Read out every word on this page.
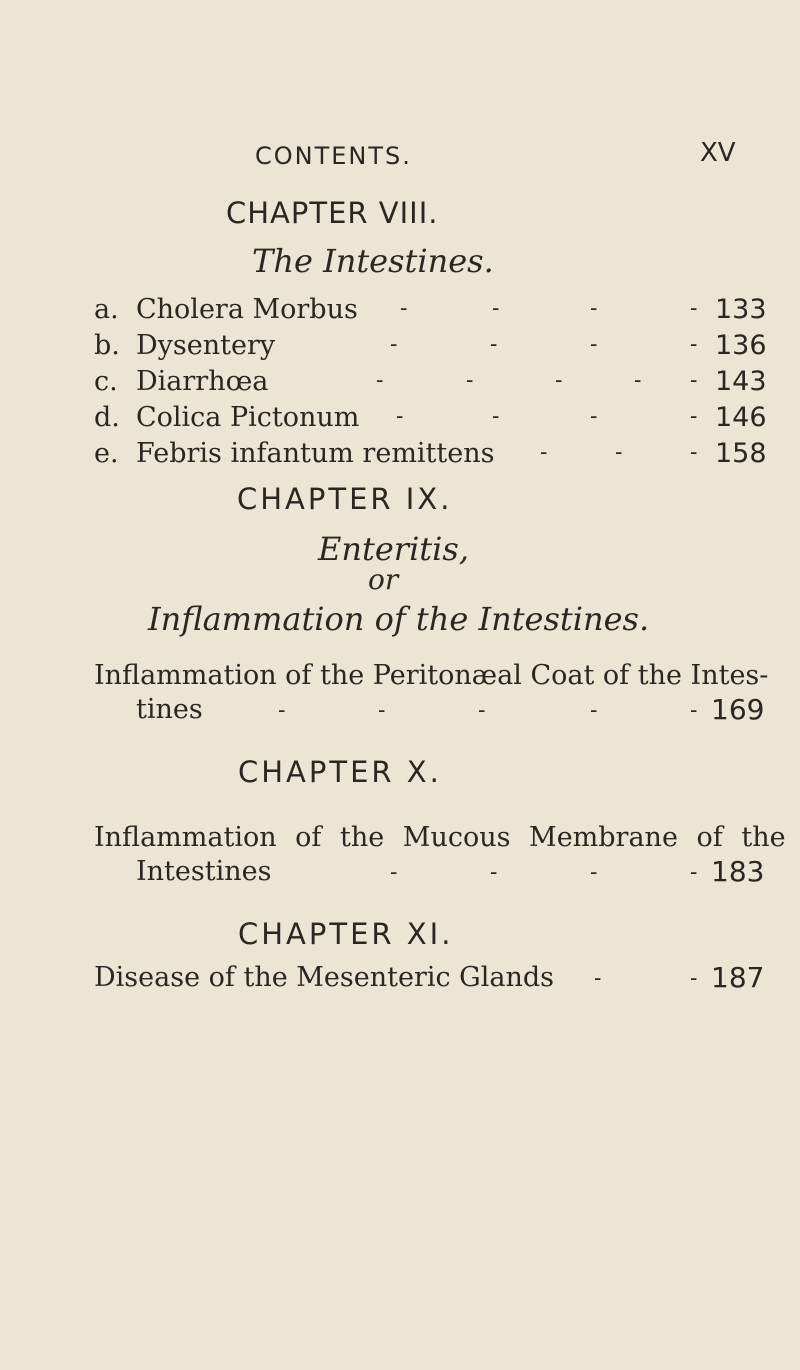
CONTENTS.	XV
CHAPTER VIII.
The Intestines.
a. Cholera Morbus -	-	-	- 133
b. Dysentery	-	-	-	- 136
c. Diarrhœa	-	-	-	- - 143
d. Colica Pictonum -	-	-	- 146
e. Febris infantum remittens -	-	- 158
CHAPTER IX.
Enteritis,
or
Inflammation of the Intestines.
Inflammation of the Peritonæal Coat of the Intes-
tines	-	-	-	-	- 169
CHAPTER X.
Inflammation of the Mucous Membrane of the
Intestines	-	-	-	- 183
CHAPTER XI.
Disease of the Mesenteric Glands -	- 187
